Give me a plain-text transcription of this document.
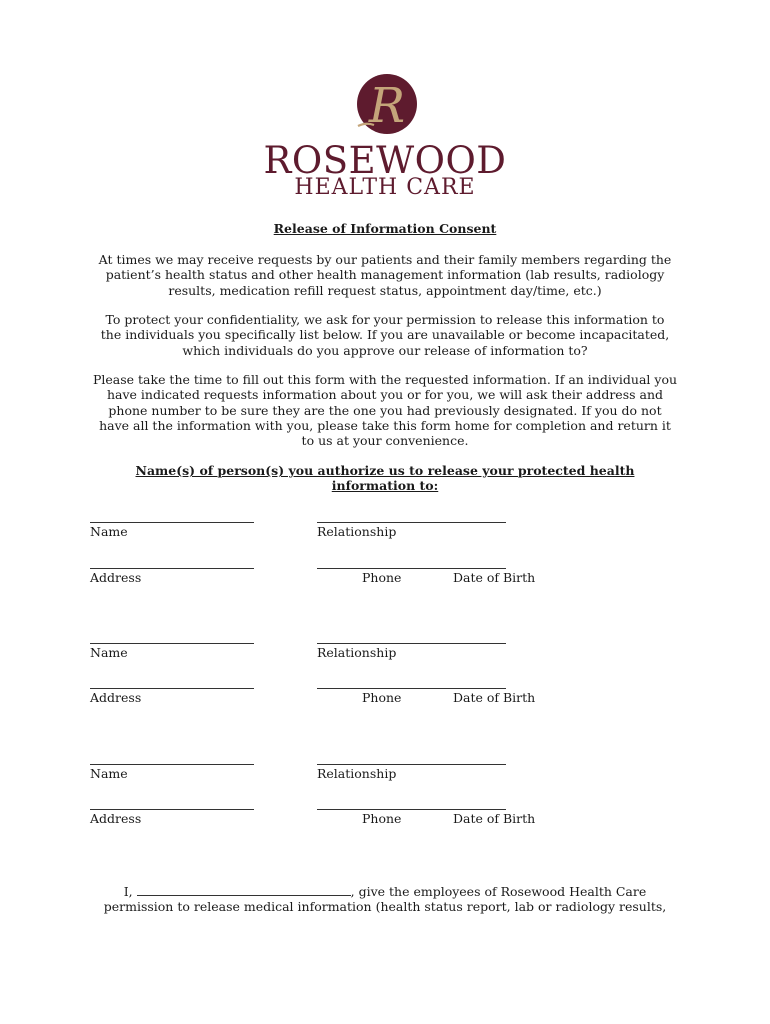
R
ROSEWOOD
HEALTH CARE
Release of Information Consent

At times we may receive requests by our patients and their family members regarding the
patient’s health status and other health management information (lab results, radiology
results, medication refill request status, appointment day/time, etc.)

To protect your confidentiality, we ask for your permission to release this information to
the individuals you specifically list below. If you are unavailable or become incapacitated,
which individuals do you approve our release of information to?

Please take the time to fill out this form with the requested information. If an individual you
have indicated requests information about you or for you, we will ask their address and
phone number to be sure they are the one you had previously designated. If you do not
have all the information with you, please take this form home for completion and return it
to us at your convenience.

Name(s) of person(s) you authorize us to release your protected health
information to:
Name	Relationship
Address	Phone	Date of Birth
Name	Relationship
Address	Phone	Date of Birth
Name	Relationship
Address	Phone	Date of Birth
I,	, give the employees of Rosewood Health Care
permission to release medical information (health status report, lab or radiology results,
